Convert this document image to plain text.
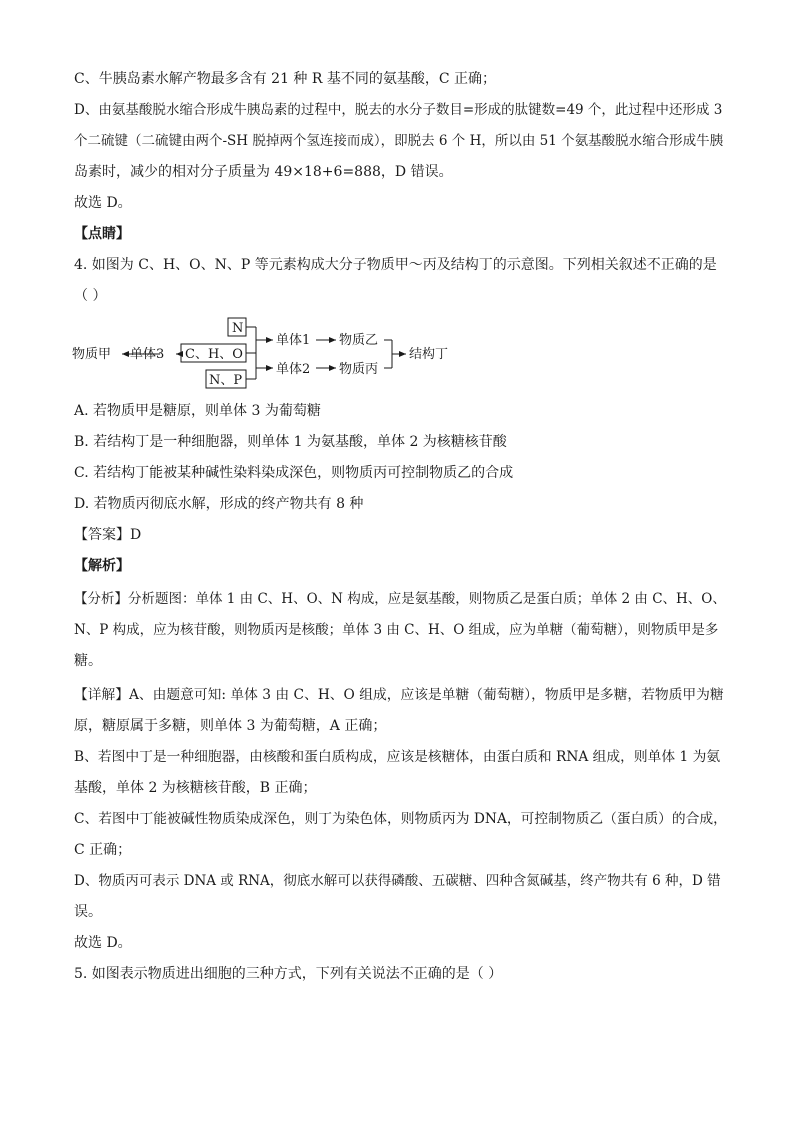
C、牛胰岛素水解产物最多含有 21 种 R 基不同的氨基酸，C 正确；
D、由氨基酸脱水缩合形成牛胰岛素的过程中，脱去的水分子数目=形成的肽键数=49 个，此过程中还形成 3
个二硫键（二硫键由两个-SH 脱掉两个氢连接而成），即脱去 6 个 H，所以由 51 个氨基酸脱水缩合形成牛胰
岛素时，减少的相对分子质量为 49×18+6=888，D 错误。
故选 D。
【点睛】
4. 如图为 C、H、O、N、P 等元素构成大分子物质甲～丙及结构丁的示意图。下列相关叙述不正确的是
（ ）
N
C、H、O
N、P
物质甲 单体3
单体1 物质乙
单体2 物质丙
结构丁
A. 若物质甲是糖原，则单体 3 为葡萄糖
B. 若结构丁是一种细胞器，则单体 1 为氨基酸，单体 2 为核糖核苷酸
C. 若结构丁能被某种碱性染料染成深色，则物质丙可控制物质乙的合成
D. 若物质丙彻底水解，形成的终产物共有 8 种
【答案】D
【解析】
【分析】分析题图：单体 1 由 C、H、O、N 构成，应是氨基酸，则物质乙是蛋白质；单体 2 由 C、H、O、
N、P 构成，应为核苷酸，则物质丙是核酸；单体 3 由 C、H、O 组成，应为单糖（葡萄糖），则物质甲是多
糖。
【详解】A、由题意可知: 单体 3 由 C、H、O 组成，应该是单糖（葡萄糖），物质甲是多糖，若物质甲为糖
原，糖原属于多糖，则单体 3 为葡萄糖，A 正确；
B、若图中丁是一种细胞器，由核酸和蛋白质构成，应该是核糖体，由蛋白质和 RNA 组成，则单体 1 为氨
基酸，单体 2 为核糖核苷酸，B 正确；
C、若图中丁能被碱性物质染成深色，则丁为染色体，则物质丙为 DNA，可控制物质乙（蛋白质）的合成，
C 正确；
D、物质丙可表示 DNA 或 RNA，彻底水解可以获得磷酸、五碳糖、四种含氮碱基，终产物共有 6 种，D 错
误。
故选 D。
5. 如图表示物质进出细胞的三种方式，下列有关说法不正确的是（ ）
